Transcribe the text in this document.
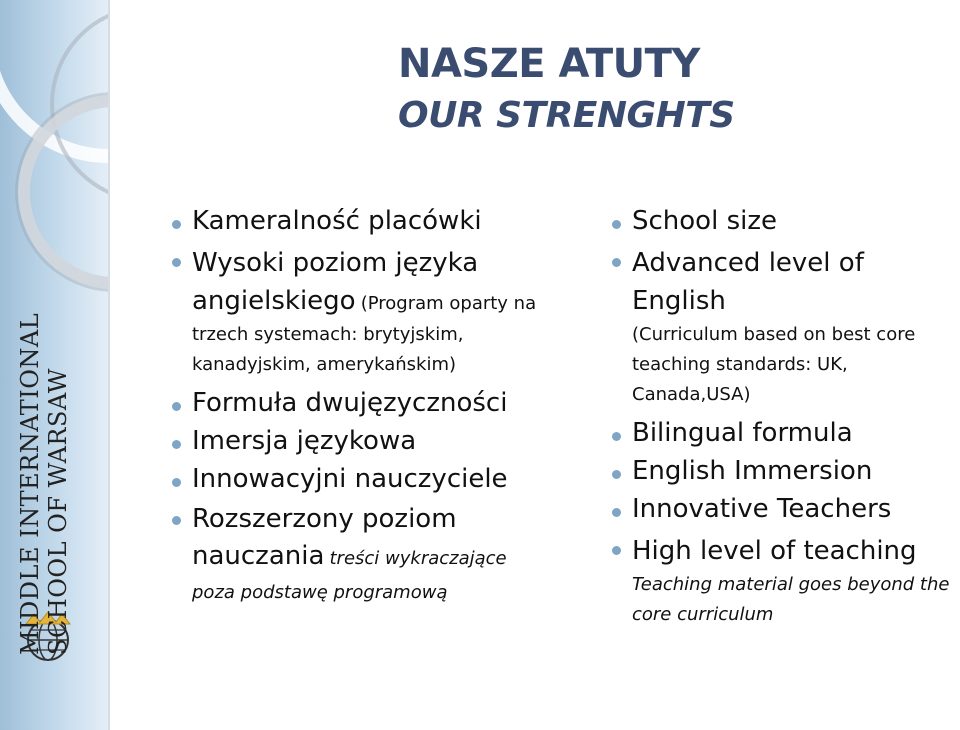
MIDDLE INTERNATIONAL SCHOOL OF WARSAW
NASZE ATUTY
OUR STRENGHTS
Kameralność placówki
Wysoki poziom języka angielskiego (Program oparty na trzech systemach: brytyjskim, kanadyjskim, amerykańskim)
Formuła dwujęzyczności
Imersja językowa
Innowacyjni nauczyciele
Rozszerzony poziom nauczania treści wykraczające poza podstawę programową
School size
Advanced level of English
(Curriculum based on best core teaching standards: UK, Canada,USA)
Bilingual formula
English Immersion
Innovative Teachers
High level of teaching
Teaching material goes beyond the core curriculum
